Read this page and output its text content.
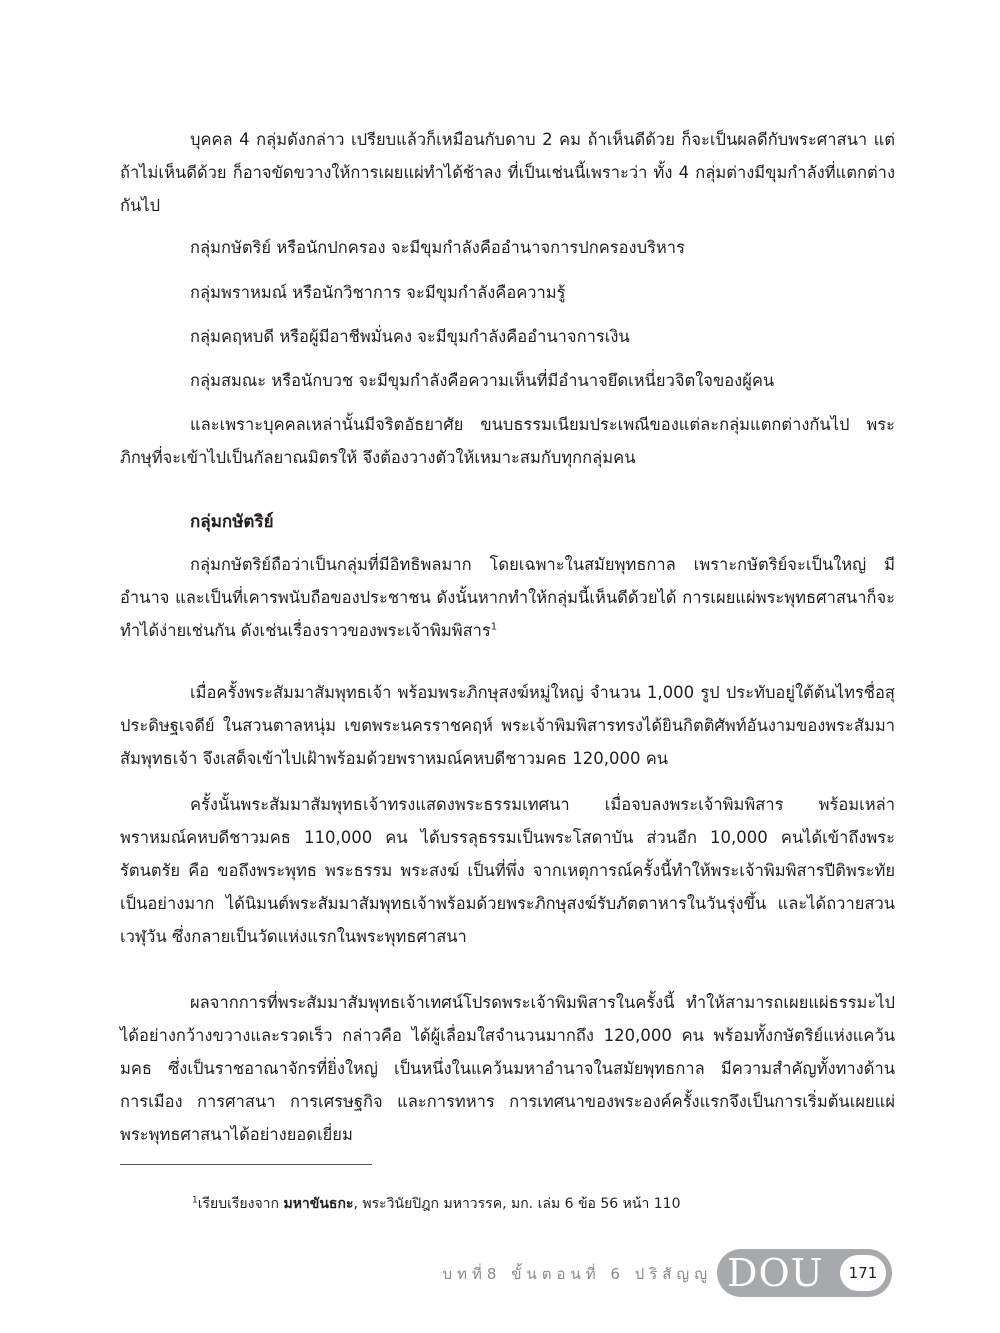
บุคคล 4 กลุ่มดังกล่าว เปรียบแล้วก็เหมือนกับดาบ 2 คม ถ้าเห็นดีด้วย ก็จะเป็นผลดีกับพระศาสนา แต่ถ้าไม่เห็นดีด้วย ก็อาจขัดขวางให้การเผยแผ่ทำได้ช้าลง ที่เป็นเช่นนี้เพราะว่า ทั้ง 4 กลุ่มต่างมีขุมกำลังที่แตกต่างกันไป

กลุ่มกษัตริย์ หรือนักปกครอง จะมีขุมกำลังคืออำนาจการปกครองบริหาร

กลุ่มพราหมณ์ หรือนักวิชาการ จะมีขุมกำลังคือความรู้

กลุ่มคฤหบดี หรือผู้มีอาชีพมั่นคง จะมีขุมกำลังคืออำนาจการเงิน

กลุ่มสมณะ หรือนักบวช จะมีขุมกำลังคือความเห็นที่มีอำนาจยึดเหนี่ยวจิตใจของผู้คน

และเพราะบุคคลเหล่านั้นมีจริตอัธยาศัย ขนบธรรมเนียมประเพณีของแต่ละกลุ่มแตกต่างกันไป พระภิกษุที่จะเข้าไปเป็นกัลยาณมิตรให้ จึงต้องวางตัวให้เหมาะสมกับทุกกลุ่มคน

กลุ่มกษัตริย์

กลุ่มกษัตริย์ถือว่าเป็นกลุ่มที่มีอิทธิพลมาก โดยเฉพาะในสมัยพุทธกาล เพราะกษัตริย์จะเป็นใหญ่ มีอำนาจ และเป็นที่เคารพนับถือของประชาชน ดังนั้นหากทำให้กลุ่มนี้เห็นดีด้วยได้ การเผยแผ่พระพุทธศาสนาก็จะทำได้ง่ายเช่นกัน ดังเช่นเรื่องราวของพระเจ้าพิมพิสาร$^1$

เมื่อครั้งพระสัมมาสัมพุทธเจ้า พร้อมพระภิกษุสงฆ์หมู่ใหญ่ จำนวน 1,000 รูป ประทับอยู่ใต้ต้นไทรชื่อสุประดิษฐเจดีย์ ในสวนตาลหนุ่ม เขตพระนครราชคฤห์ พระเจ้าพิมพิสารทรงได้ยินกิตติศัพท์อันงามของพระสัมมาสัมพุทธเจ้า จึงเสด็จเข้าไปเฝ้าพร้อมด้วยพราหมณ์คหบดีชาวมคธ 120,000 คน

ครั้งนั้นพระสัมมาสัมพุทธเจ้าทรงแสดงพระธรรมเทศนา เมื่อจบลงพระเจ้าพิมพิสาร พร้อมเหล่าพราหมณ์คหบดีชาวมคธ 110,000 คน ได้บรรลุธรรมเป็นพระโสดาบัน ส่วนอีก 10,000 คนได้เข้าถึงพระรัตนตรัย คือ ขอถึงพระพุทธ พระธรรม พระสงฆ์ เป็นที่พึ่ง จากเหตุการณ์ครั้งนี้ทำให้พระเจ้าพิมพิสารปีติพระทัยเป็นอย่างมาก ได้นิมนต์พระสัมมาสัมพุทธเจ้าพร้อมด้วยพระภิกษุสงฆ์รับภัตตาหารในวันรุ่งขึ้น และได้ถวายสวนเวฬุวัน ซึ่งกลายเป็นวัดแห่งแรกในพระพุทธศาสนา

ผลจากการที่พระสัมมาสัมพุทธเจ้าเทศน์โปรดพระเจ้าพิมพิสารในครั้งนี้ ทำให้สามารถเผยแผ่ธรรมะไปได้อย่างกว้างขวางและรวดเร็ว กล่าวคือ ได้ผู้เลื่อมใสจำนวนมากถึง 120,000 คน พร้อมทั้งกษัตริย์แห่งแคว้นมคธ ซึ่งเป็นราชอาณาจักรที่ยิ่งใหญ่ เป็นหนึ่งในแคว้นมหาอำนาจในสมัยพุทธกาล มีความสำคัญทั้งทางด้านการเมือง การศาสนา การเศรษฐกิจ และการทหาร การเทศนาของพระองค์ครั้งแรกจึงเป็นการเริ่มต้นเผยแผ่พระพุทธศาสนาได้อย่างยอดเยี่ยม

$^1$เรียบเรียงจาก มหาขันธกะ, พระวินัยปิฎก มหาวรรค, มก. เล่ม 6 ข้อ 56 หน้า 110

บทที่8 ขั้นตอนที่ 6 ปริสัญญู DOU	171
